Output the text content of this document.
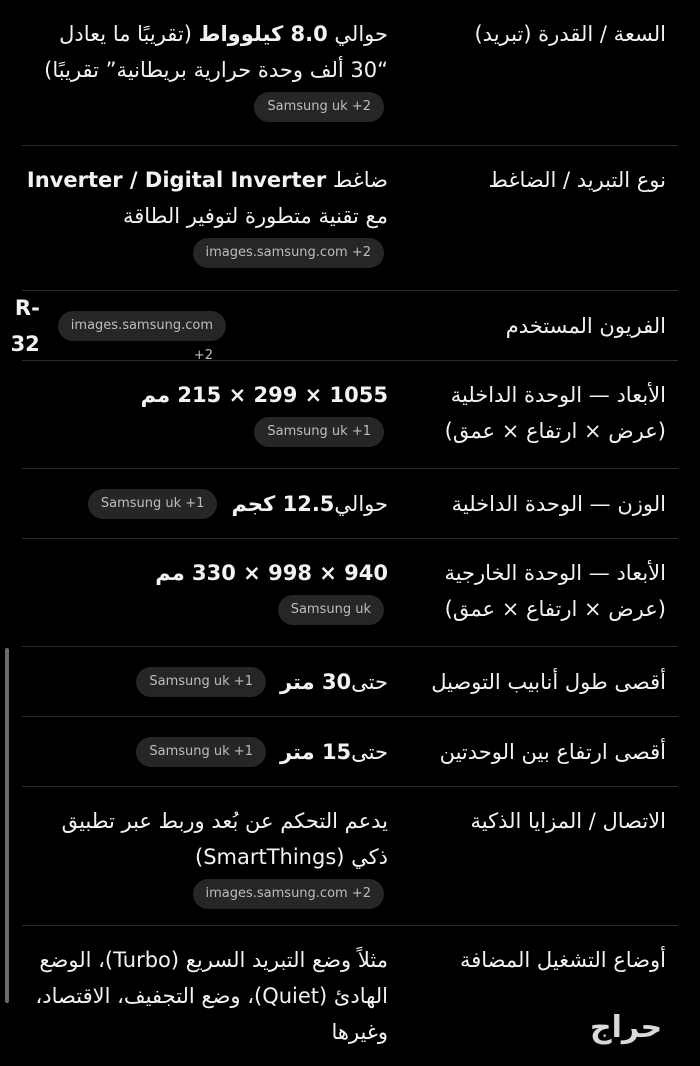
السعة / القدرة (تبريد)
حوالي 8.0 كيلوواط (تقريبًا ما يعادل “30 ألف وحدة حرارية بريطانية” تقريبًا) Samsung uk +2
نوع التبريد / الضاغط
ضاغط Inverter / Digital Inverter مع تقنية متطورة لتوفير الطاقة images.samsung.com +2
الفريون المستخدم
images.samsung.com +2
R-32
الأبعاد — الوحدة الداخلية (عرض × ارتفاع × عمق)
1055 × 299 × 215 مم
Samsung uk +1
الوزن — الوحدة الداخلية
حوالي
12.5 كجم
Samsung uk +1
الأبعاد — الوحدة الخارجية (عرض × ارتفاع × عمق)
940 × 998 × 330 مم
Samsung uk
أقصى طول أنابيب التوصيل
حتى
30 متر
Samsung uk +1
أقصى ارتفاع بين الوحدتين
حتى
15 متر
Samsung uk +1
الاتصال / المزايا الذكية
يدعم التحكم عن بُعد وربط عبر تطبيق ذكي (SmartThings)
images.samsung.com +2
أوضاع التشغيل المضافة
مثلاً وضع التبريد السريع (Turbo)، الوضع الهادئ (Quiet)، وضع التجفيف، الاقتصاد، وغيرها	حراج
